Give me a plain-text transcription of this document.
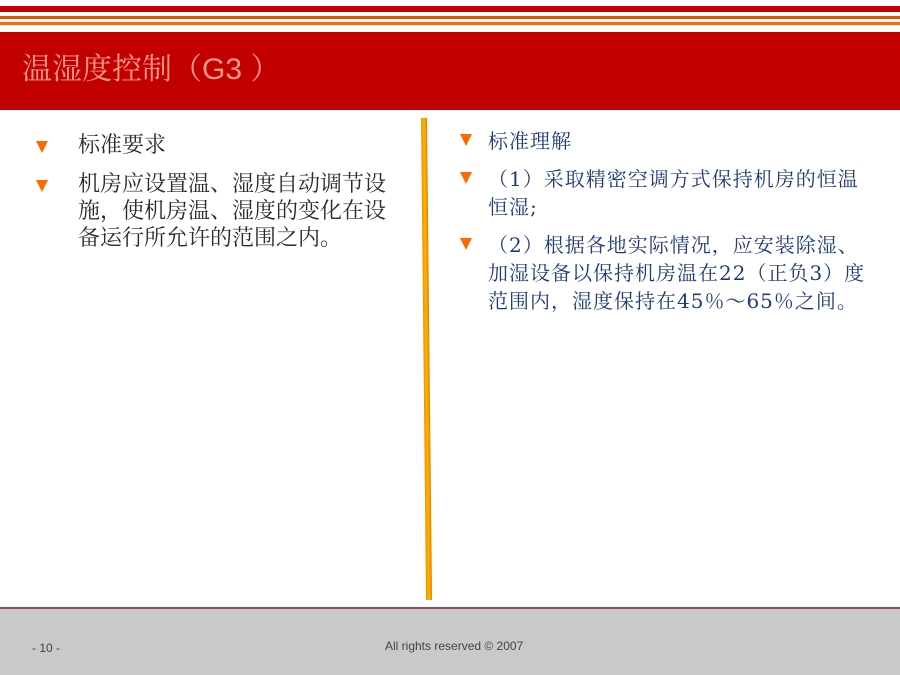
温湿度控制（G3 ）
标准要求
机房应设置温、湿度自动调节设施，使机房温、湿度的变化在设备运行所允许的范围之内。
标准理解
（1）采取精密空调方式保持机房的恒温恒湿;
（2）根据各地实际情况，应安装除湿、加湿设备以保持机房温在22（正负3）度范围内，湿度保持在45％～65％之间。
- 10 -	All rights reserved © 2007
